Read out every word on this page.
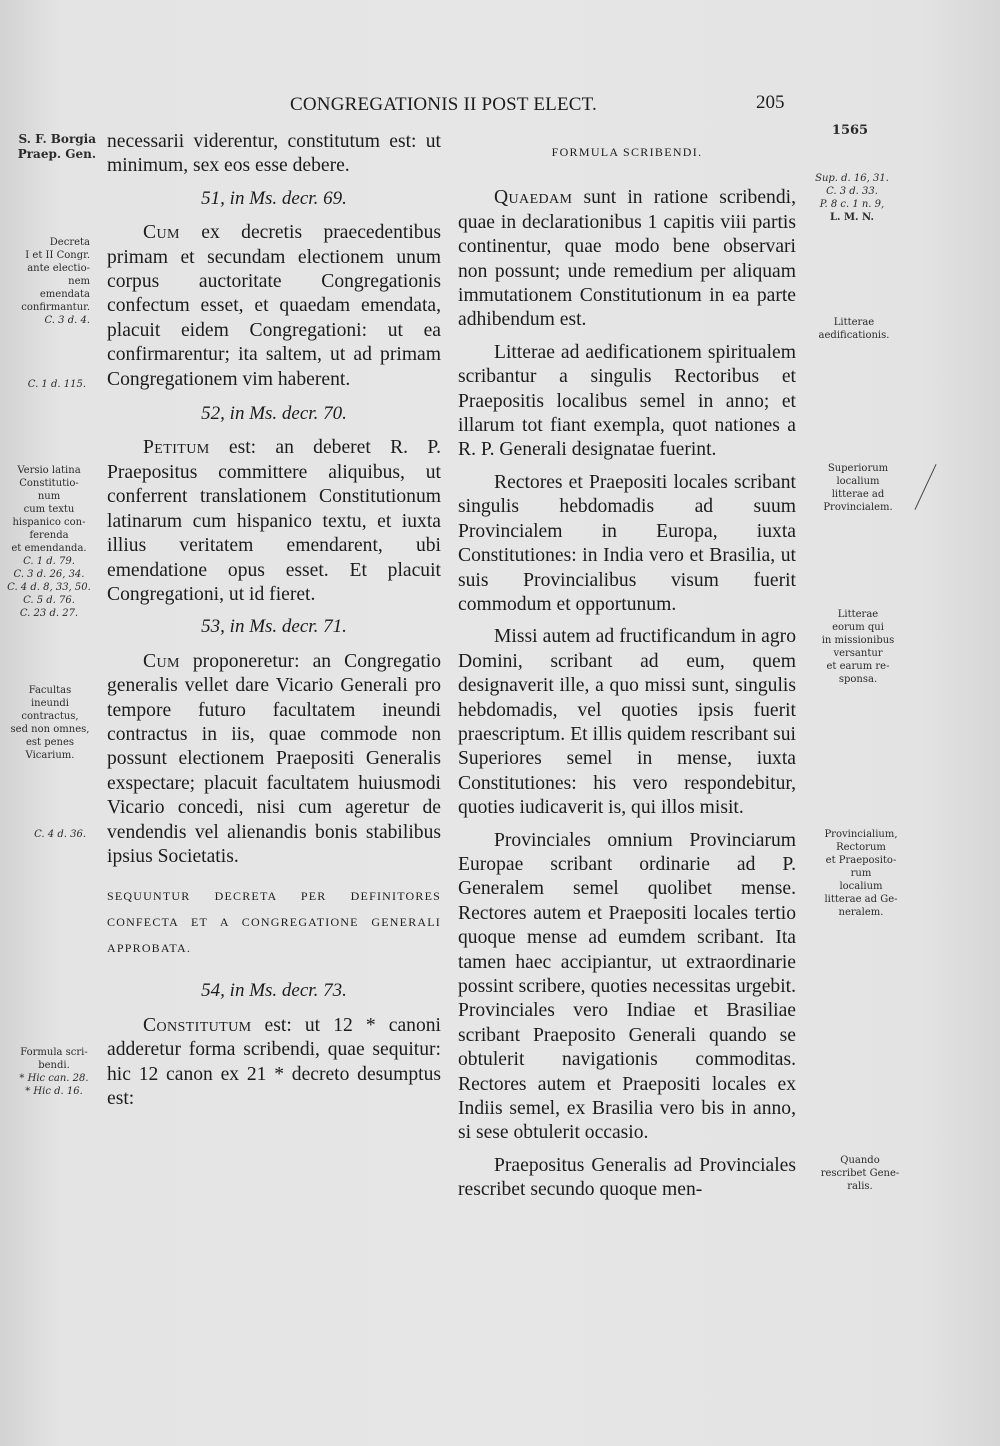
CONGREGATIONIS II POST ELECT.	205
S. F. Borgia
Praep. Gen.
Decreta
I et II Congr.
ante electio-
nem
emendata
confirmantur.
C. 3 d. 4.
C. 1 d. 115.
Versio latina
Constitutio-
num
cum textu
hispanico con-
ferenda
et emendanda.
C. 1 d. 79.
C. 3 d. 26, 34.
C. 4 d. 8, 33, 50.
C. 5 d. 76.
C. 23 d. 27.
Facultas
ineundi
contractus,
sed non omnes,
est penes
Vicarium.
C. 4 d. 36.
Formula scri-
bendi.
* Hic can. 28.
* Hic d. 16.

necessarii viderentur, constitutum est: ut minimum, sex eos esse debere.

51, in Ms. decr. 69.

Cum ex decretis praecedentibus primam et secundam electionem unum corpus auctoritate Congregationis confectum esset, et quaedam emendata, placuit eidem Congregationi: ut ea confirmarentur; ita saltem, ut ad primam Congregationem vim haberent.

52, in Ms. decr. 70.

Petitum est: an deberet R. P. Praepositus committere aliquibus, ut conferrent translationem Constitutionum latinarum cum hispanico textu, et iuxta illius veritatem emendarent, ubi emendatione opus esset. Et placuit Congregationi, ut id fieret.

53, in Ms. decr. 71.

Cum proponeretur: an Congregatio generalis vellet dare Vicario Generali pro tempore futuro facultatem ineundi contractus in iis, quae commode non possunt electionem Praepositi Generalis exspectare; placuit facultatem huiusmodi Vicario concedi, nisi cum ageretur de vendendis vel alienandis bonis stabilibus ipsius Societatis.

SEQUUNTUR DECRETA PER DEFINITORES CONFECTA ET A CONGREGATIONE GENERALI APPROBATA.
54, in Ms. decr. 73.

Constitutum est: ut 12 * canoni adderetur forma scribendi, quae sequitur: hic 12 canon ex 21 * decreto desumptus est:

FORMULA SCRIBENDI.

Quaedam sunt in ratione scribendi, quae in declarationibus 1 capitis viii partis continentur, quae modo bene observari non possunt; unde remedium per aliquam immutationem Constitutionum in ea parte adhibendum est.

Litterae ad aedificationem spiritualem scribantur a singulis Rectoribus et Praepositis localibus semel in anno; et illarum tot fiant exempla, quot nationes a R. P. Generali designatae fuerint.

Rectores et Praepositi locales scribant singulis hebdomadis ad suum Provincialem in Europa, iuxta Constitutiones: in India vero et Brasilia, ut suis Provincialibus visum fuerit commodum et opportunum.

Missi autem ad fructificandum in agro Domini, scribant ad eum, quem designaverit ille, a quo missi sunt, singulis hebdomadis, vel quoties ipsis fuerit praescriptum. Et illis quidem rescribant sui Superiores semel in mense, iuxta Constitutiones: his vero respondebitur, quoties iudicaverit is, qui illos misit.

Provinciales omnium Provinciarum Europae scribant ordinarie ad P. Generalem semel quolibet mense. Rectores autem et Praepositi locales tertio quoque mense ad eumdem scribant. Ita tamen haec accipiantur, ut extraordinarie possint scribere, quoties necessitas urgebit. Provinciales vero Indiae et Brasiliae scribant Praeposito Generali quando se obtulerit navigationis commoditas. Rectores autem et Praepositi locales ex Indiis semel, ex Brasilia vero bis in anno, si sese obtulerit occasio.

Praepositus Generalis ad Provinciales rescribet secundo quoque men-

1565
Sup. d. 16, 31.
C. 3 d. 33.
P. 8 c. 1 n. 9,
L. M. N.
Litterae
aedificationis.
Superiorum
localium
litterae ad
Provincialem.
Litterae
eorum qui
in missionibus
versantur
et earum re-
sponsa.
Provincialium,
Rectorum
et Praeposito-
rum
localium
litterae ad Ge-
neralem.
Quando
rescribet Gene-
ralis.
